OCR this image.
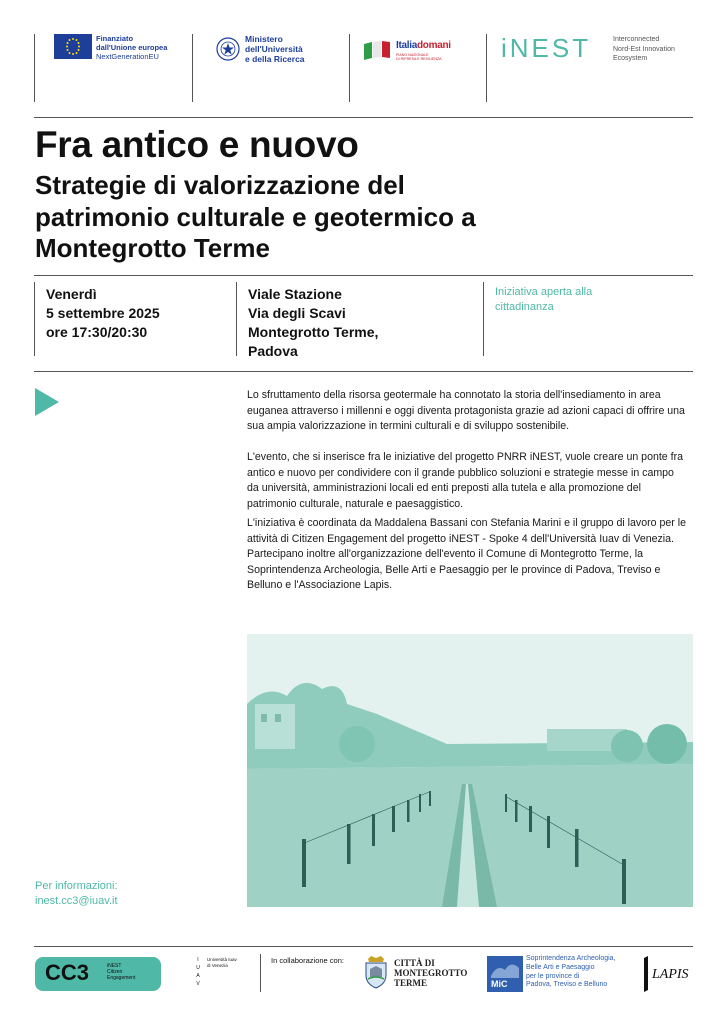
Finanziato
dall'Unione europea
NextGenerationEU
Ministero
dell'Università
e della Ricerca
Italiadomani
PIANO NAZIONALE
DI RIPRESA E RESILIENZA	iNEST	Interconnected
Nord-Est Innovation
Ecosystem
Fra antico e nuovo
Strategie di valorizzazione del
patrimonio culturale e geotermico a
Montegrotto Terme
Venerdì
5 settembre 2025
ore 17:30/20:30
Viale Stazione
Via degli Scavi
Montegrotto Terme,
Padova
Iniziativa aperta alla
cittadinanza
Lo sfruttamento della risorsa geotermale ha connotato la storia dell'insediamento in area euganea attraverso i millenni e oggi diventa protagonista grazie ad azioni capaci di offrire una sua ampia valorizzazione in termini culturali e di sviluppo sostenibile.
L'evento, che si inserisce fra le iniziative del progetto PNRR iNEST, vuole creare un ponte fra antico e nuovo per condividere con il grande pubblico soluzioni e strategie messe in campo da università, amministrazioni locali ed enti preposti alla tutela e alla promozione del patrimonio culturale, naturale e paesaggistico.
L'iniziativa è coordinata da Maddalena Bassani con Stefania Marini e il gruppo di lavoro per le attività di Citizen Engagement del progetto iNEST - Spoke 4 dell'Università Iuav di Venezia. Partecipano inoltre all'organizzazione dell'evento il Comune di Montegrotto Terme, la Soprintendenza Archeologia, Belle Arti e Paesaggio per le province di Padova, Treviso e Belluno e l'Associazione Lapis.
Per informazioni:
inest.cc3@iuav.it
CC3	iNEST
Citizen
Engagement
I
U
A
V
Università Iuav
di Venezia	In collaborazione con:	CITTÀ DI
MONTEGROTTO
TERME	MiC
Soprintendenza Archeologia,
Belle Arti e Paesaggio
per le province di
Padova, Treviso e Belluno
LAPIS
